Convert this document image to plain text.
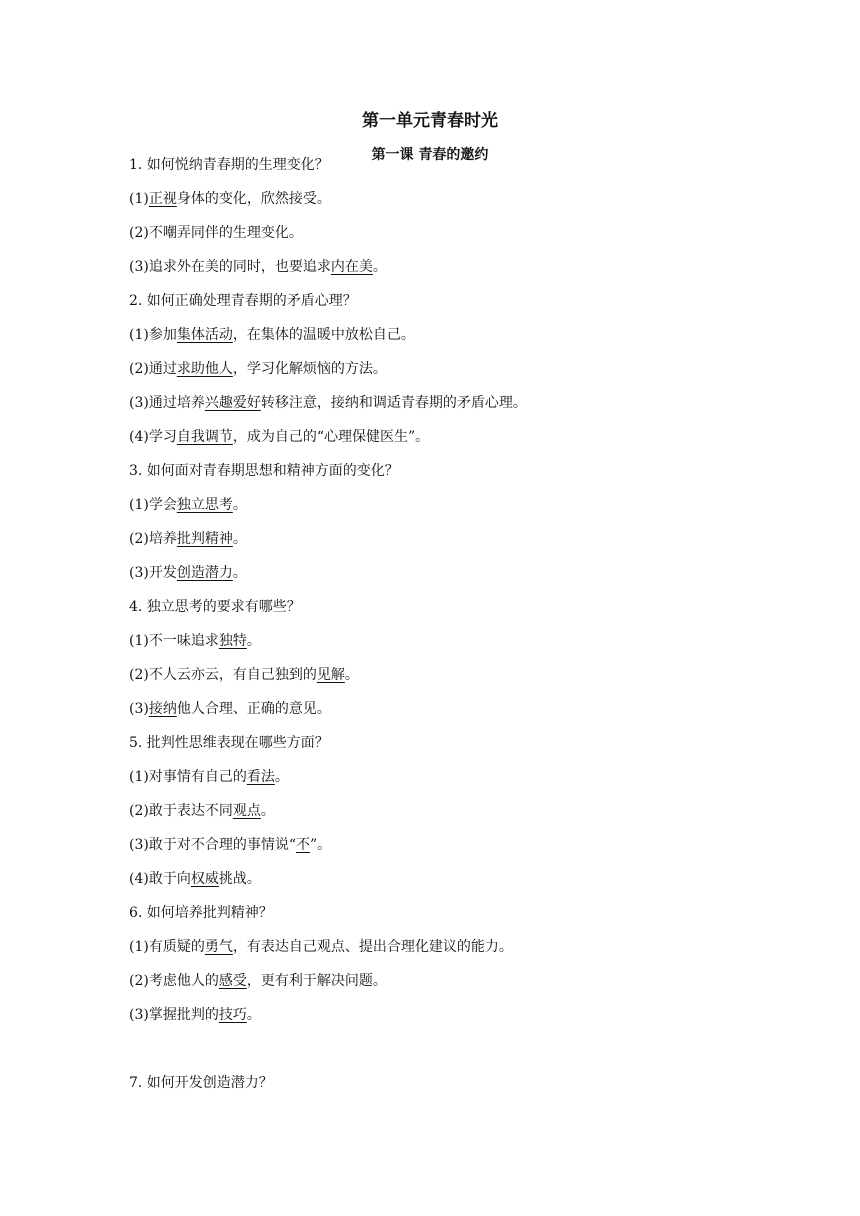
第一单元青春时光
第一课 青春的邀约
1. 如何悦纳青春期的生理变化？
(1)正视身体的变化，欣然接受。
(2)不嘲弄同伴的生理变化。
(3)追求外在美的同时，也要追求内在美。
2. 如何正确处理青春期的矛盾心理？
(1)参加集体活动，在集体的温暖中放松自己。
(2)通过求助他人，学习化解烦恼的方法。
(3)通过培养兴趣爱好转移注意，接纳和调适青春期的矛盾心理。
(4)学习自我调节，成为自己的“心理保健医生”。
3. 如何面对青春期思想和精神方面的变化？
(1)学会独立思考。
(2)培养批判精神。
(3)开发创造潜力。
4. 独立思考的要求有哪些？
(1)不一味追求独特。
(2)不人云亦云，有自己独到的见解。
(3)接纳他人合理、正确的意见。
5. 批判性思维表现在哪些方面？
(1)对事情有自己的看法。
(2)敢于表达不同观点。
(3)敢于对不合理的事情说“不”。
(4)敢于向权威挑战。
6. 如何培养批判精神？
(1)有质疑的勇气，有表达自己观点、提出合理化建议的能力。
(2)考虑他人的感受，更有利于解决问题。
(3)掌握批判的技巧。
7. 如何开发创造潜力？
